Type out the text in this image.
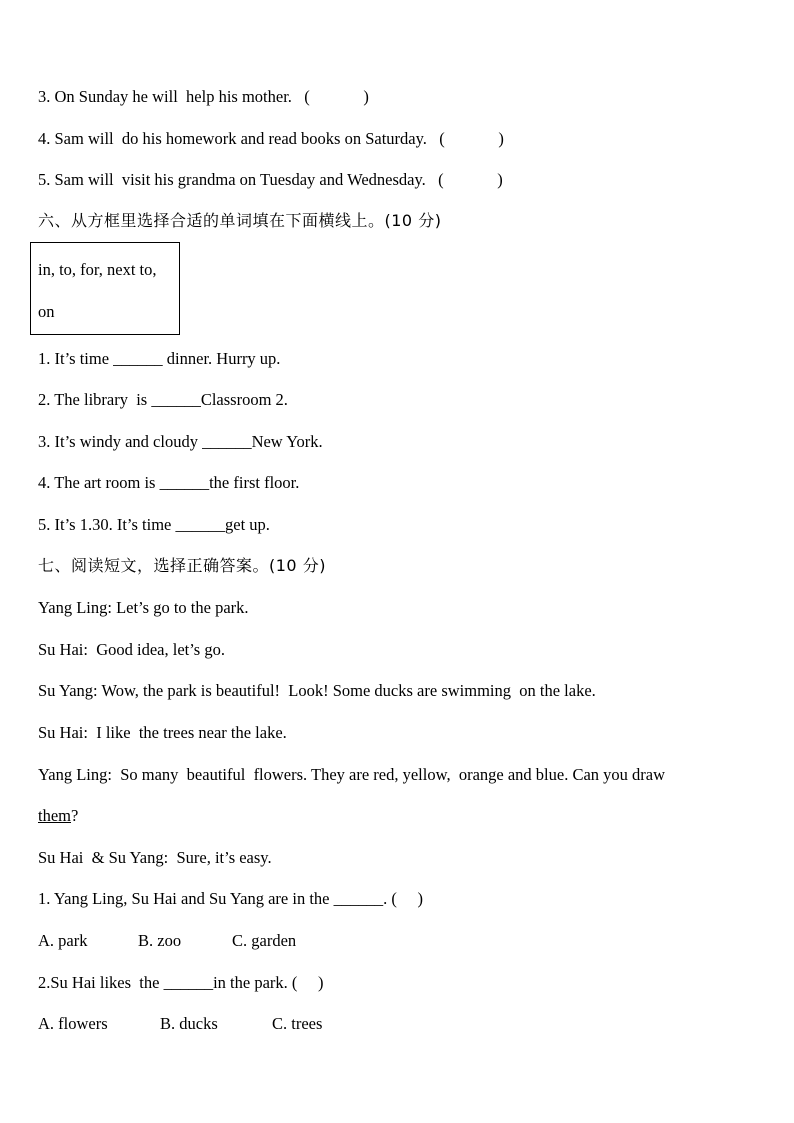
3. On Sunday he will  help his mother.   (             )
4. Sam will  do his homework and read books on Saturday.   (             )
5. Sam will  visit his grandma on Tuesday and Wednesday.   (             )
六、从方框里选择合适的单词填在下面横线上。(10 分)
in, to, for, next to,
on
1. It’s time ______ dinner. Hurry up.
2. The library  is ______Classroom 2.
3. It’s windy and cloudy ______New York.
4. The art room is ______the first floor.
5. It’s 1.30. It’s time ______get up.
七、阅读短文，选择正确答案。(10 分)
Yang Ling: Let’s go to the park.
Su Hai:  Good idea, let’s go.
Su Yang: Wow, the park is beautiful!  Look! Some ducks are swimming  on the lake.
Su Hai:  I like  the trees near the lake.
Yang Ling:  So many  beautiful  flowers. They are red, yellow,  orange and blue. Can you draw
them?
Su Hai  & Su Yang:  Sure, it’s easy.
1. Yang Ling, Su Hai and Su Yang are in the ______. (     )
A. park	B. zoo	C. garden
2.Su Hai likes  the ______in the park. (     )
A. flowers	B. ducks	C. trees
